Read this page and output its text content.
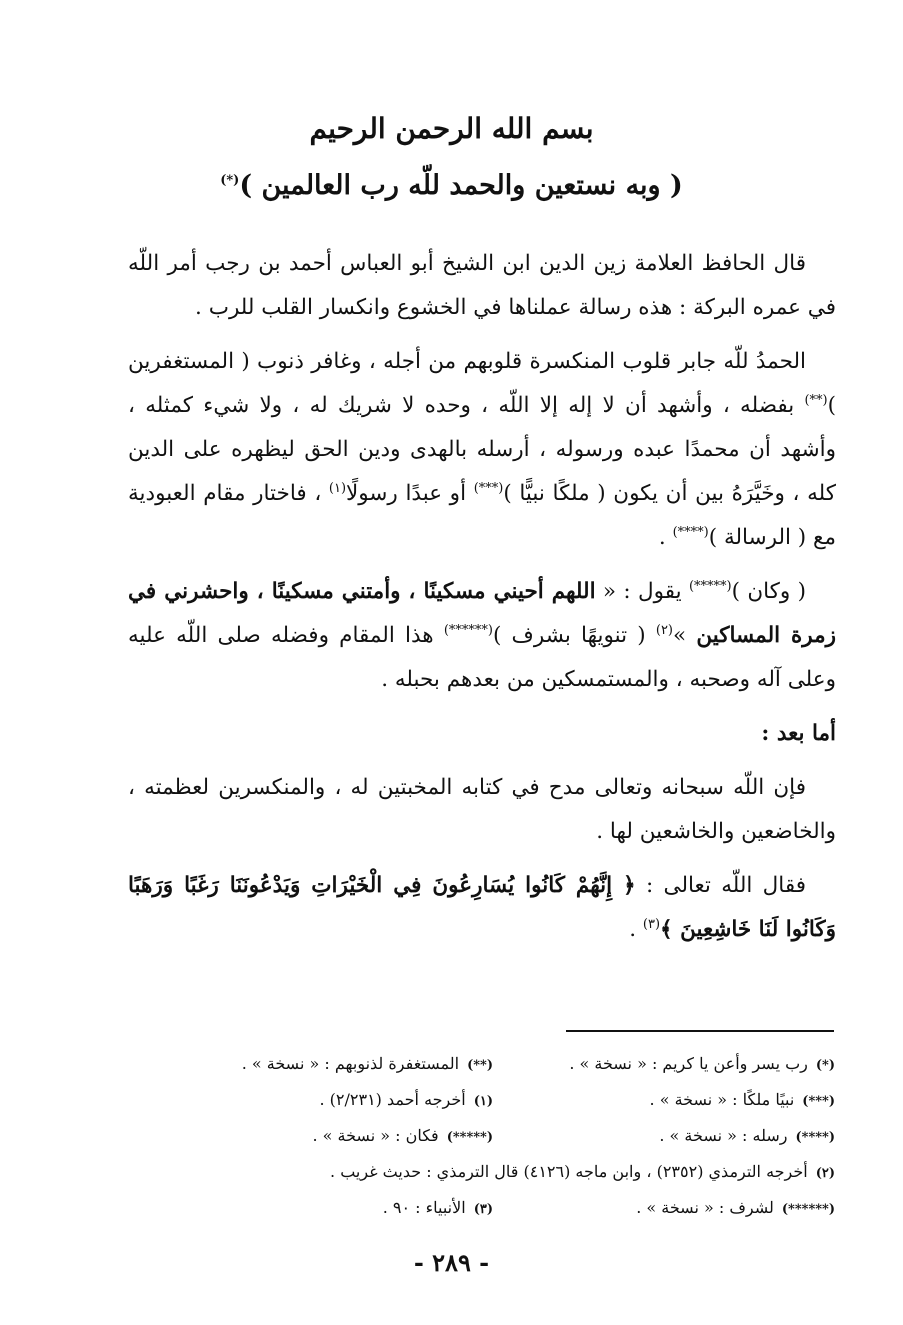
بسم الله الرحمن الرحيم
( وبه نستعين والحمد للّه رب العالمين )(*)

قال الحافظ العلامة زين الدين ابن الشيخ أبو العباس أحمد بن رجب أمر اللّه في عمره البركة : هذه رسالة عملناها في الخشوع وانكسار القلب للرب .

الحمدُ للّه جابر قلوب المنكسرة قلوبهم من أجله ، وغافر ذنوب ( المستغفرين )(**) بفضله ، وأشهد أن لا إله إلا اللّه ، وحده لا شريك له ، ولا شيء كمثله ، وأشهد أن محمدًا عبده ورسوله ، أرسله بالهدى ودين الحق ليظهره على الدين كله ، وخَيَّرَهُ بين أن يكون ( ملكًا نبيًّا )(***) أو عبدًا رسولًا$^{(١)}$ ، فاختار مقام العبودية مع ( الرسالة )(****) .

( وكان )(*****) يقول : « اللهم أحيني مسكينًا ، وأمتني مسكينًا ، واحشرني في زمرة المساكين »$^{(٢)}$ ( تنويهًا بشرف )(******) هذا المقام وفضله صلى اللّه عليه وعلى آله وصحبه ، والمستمسكين من بعدهم بحبله .

أما بعد :

فإن اللّه سبحانه وتعالى مدح في كتابه المخبتين له ، والمنكسرين لعظمته ، والخاضعين والخاشعين لها .

فقال اللّه تعالى : ﴿ إِنَّهُمْ كَانُوا يُسَارِعُونَ فِي الْخَيْرَاتِ وَيَدْعُونَنَا رَغَبًا وَرَهَبًا وَكَانُوا لَنَا خَاشِعِينَ ﴾$^{(٣)}$ .

(*)رب يسر وأعن يا كريم : « نسخة » .
(**)المستغفرة لذنوبهم : « نسخة » .
(***)نبيًا ملكًا : « نسخة » .
(١)أخرجه أحمد (٢/٢٣١) .
(****)رسله : « نسخة » .
(*****)فكان : « نسخة » .
(٢)أخرجه الترمذي (٢٣٥٢) ، وابن ماجه (٤١٢٦) قال الترمذي : حديث غريب .
(******)لشرف : « نسخة » .
(٣)الأنبياء : ٩٠ .
- ٢٨٩ -
